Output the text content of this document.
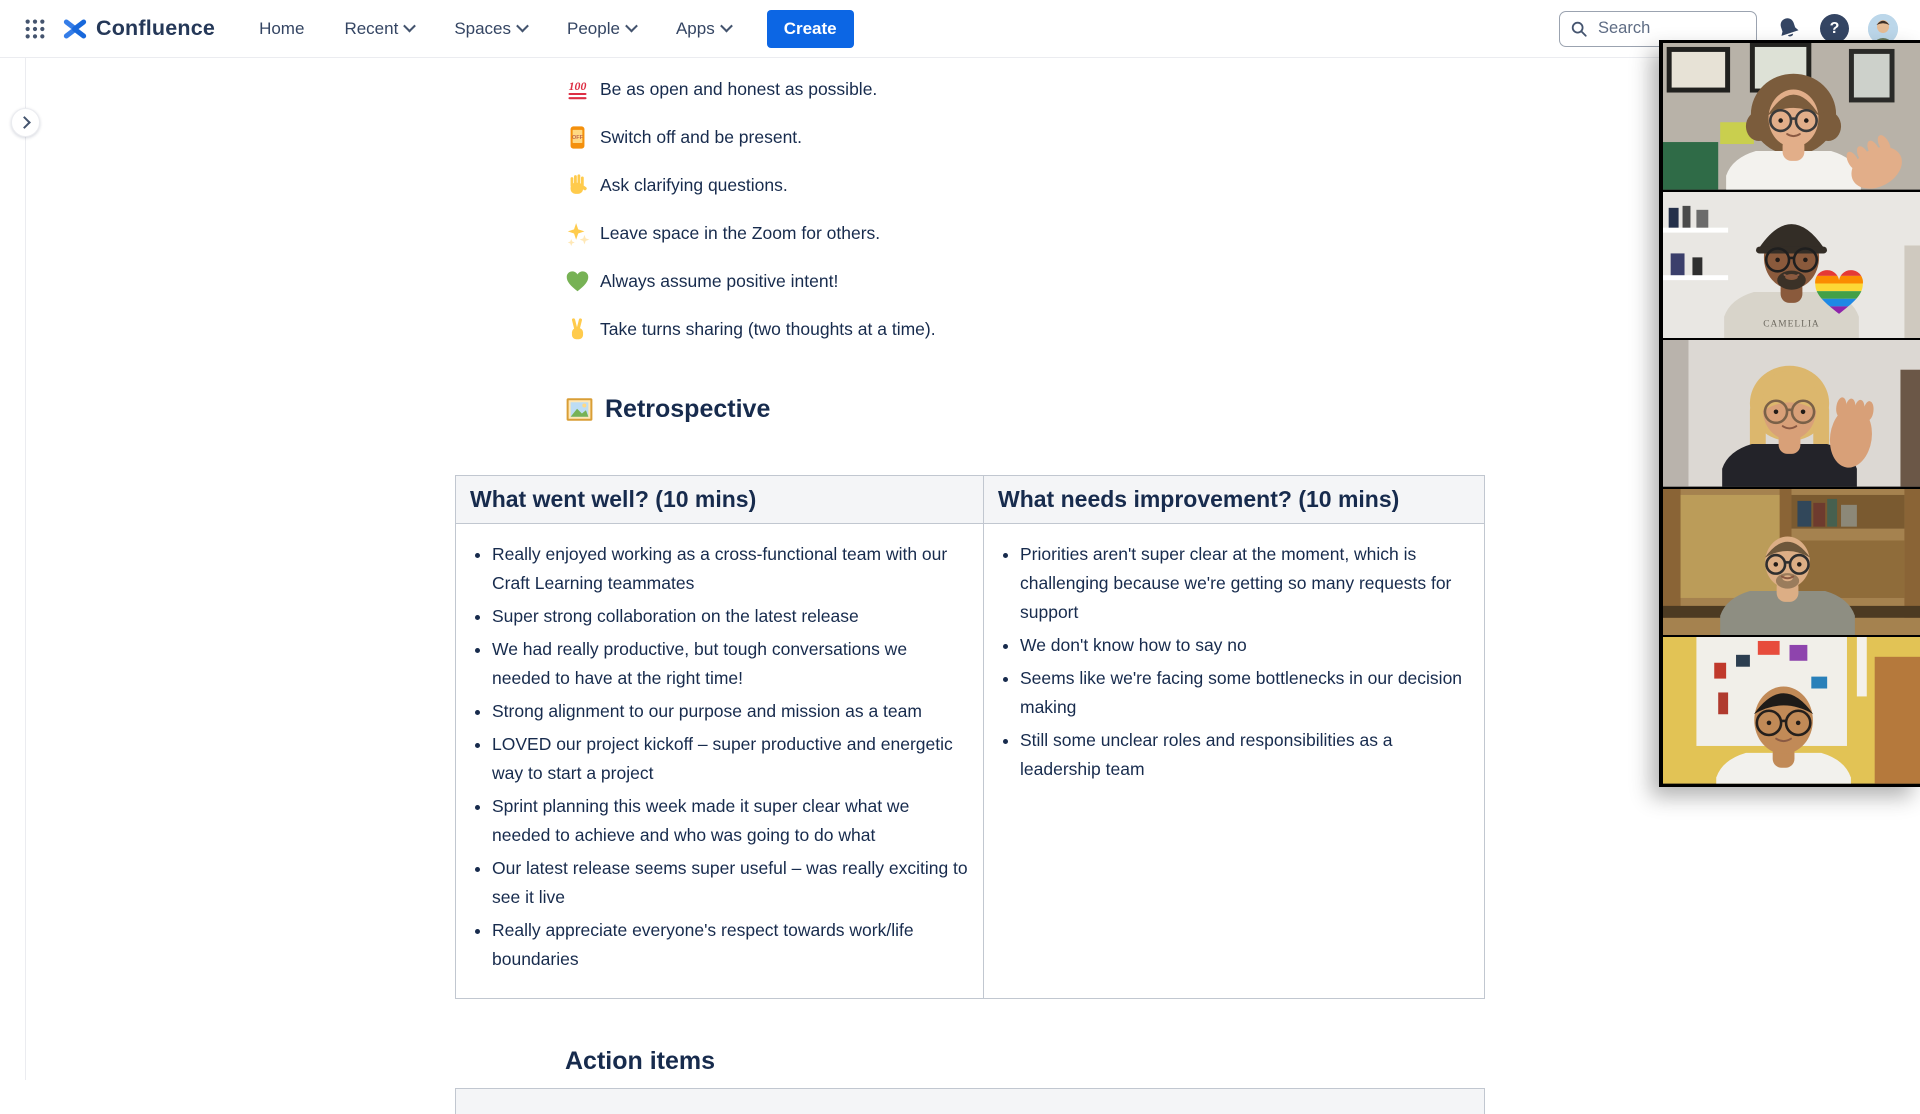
Confluence	Home Recent	Spaces	People	Apps	Create
Search	?
Be as open and honest as possible.
Switch off and be present.
Ask clarifying questions.
Leave space in the Zoom for others.
Always assume positive intent!
Take turns sharing (two thoughts at a time).
Retrospective
What went well? (10 mins)	What needs improvement? (10 mins)

• Really enjoyed working as a cross-functional team with our Craft Learning teammates
• Super strong collaboration on the latest release
• We had really productive, but tough conversations we needed to have at the right time!
• Strong alignment to our purpose and mission as a team
• LOVED our project kickoff – super productive and energetic way to start a project
• Sprint planning this week made it super clear what we needed to achieve and who was going to do what
• Our latest release seems super useful – was really exciting to see it live
• Really appreciate everyone's respect towards work/life boundaries

• Priorities aren't super clear at the moment, which is challenging because we're getting so many requests for support
• We don't know how to say no
• Seems like we're facing some bottlenecks in our decision making
• Still some unclear roles and responsibilities as a leadership team
Action items
CAMELLIA
